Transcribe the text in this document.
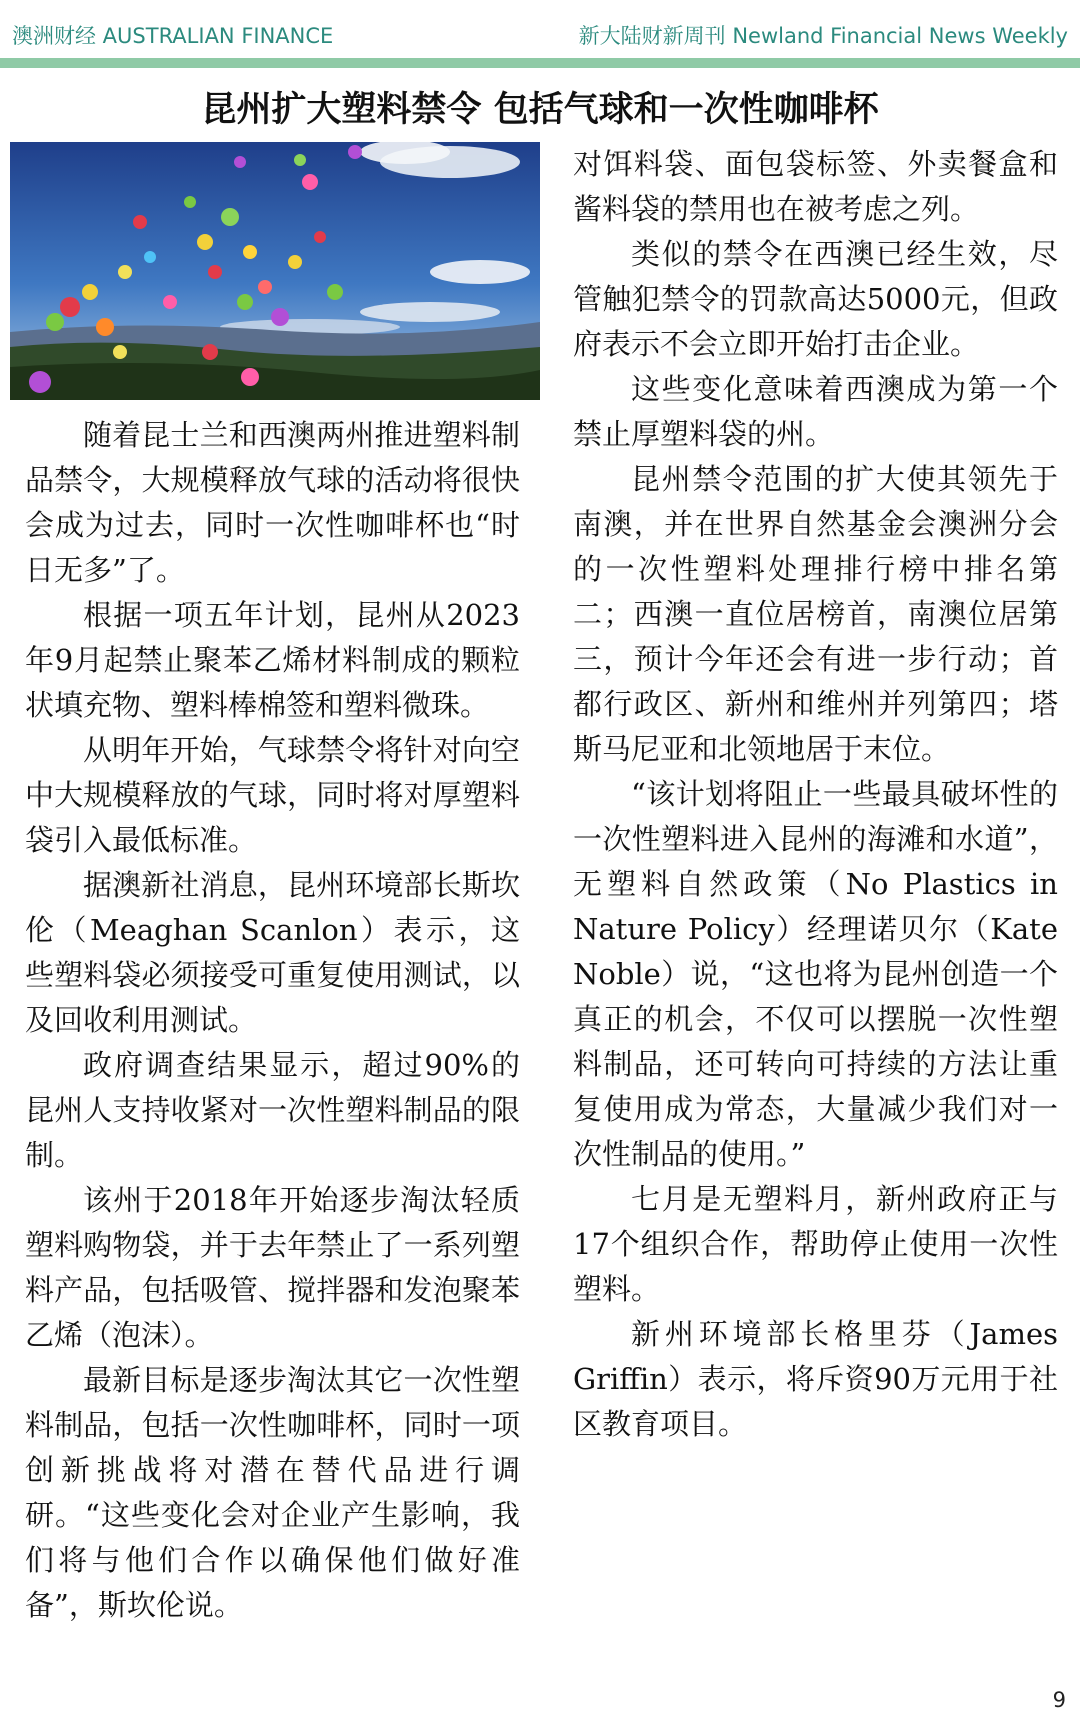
澳洲财经 AUSTRALIAN FINANCE	新大陆财新周刊 Newland Financial News Weekly
昆州扩大塑料禁令 包括气球和一次性咖啡杯

随着昆士兰和西澳两州推进塑料制品禁令，大规模释放气球的活动将很快会成为过去，同时一次性咖啡杯也“时日无多”了。

根据一项五年计划，昆州从2023年9月起禁止聚苯乙烯材料制成的颗粒状填充物、塑料棒棉签和塑料微珠。

从明年开始，气球禁令将针对向空中大规模释放的气球，同时将对厚塑料袋引入最低标准。

据澳新社消息，昆州环境部长斯坎伦（Meaghan Scanlon）表示，这些塑料袋必须接受可重复使用测试，以及回收利用测试。

政府调查结果显示，超过90%的昆州人支持收紧对一次性塑料制品的限制。

该州于2018年开始逐步淘汰轻质塑料购物袋，并于去年禁止了一系列塑料产品，包括吸管、搅拌器和发泡聚苯乙烯（泡沫）。

最新目标是逐步淘汰其它一次性塑料制品，包括一次性咖啡杯，同时一项创新挑战将对潜在替代品进行调研。“这些变化会对企业产生影响，我们将与他们合作以确保他们做好准备”，斯坎伦说。

对饵料袋、面包袋标签、外卖餐盒和酱料袋的禁用也在被考虑之列。

类似的禁令在西澳已经生效，尽管触犯禁令的罚款高达5000元，但政府表示不会立即开始打击企业。

这些变化意味着西澳成为第一个禁止厚塑料袋的州。

昆州禁令范围的扩大使其领先于南澳，并在世界自然基金会澳洲分会的一次性塑料处理排行榜中排名第二；西澳一直位居榜首，南澳位居第三，预计今年还会有进一步行动；首都行政区、新州和维州并列第四；塔斯马尼亚和北领地居于末位。

“该计划将阻止一些最具破坏性的一次性塑料进入昆州的海滩和水道”，无塑料自然政策（No Plastics in Nature Policy）经理诺贝尔（Kate Noble）说，“这也将为昆州创造一个真正的机会，不仅可以摆脱一次性塑料制品，还可转向可持续的方法让重复使用成为常态，大量减少我们对一次性制品的使用。”

七月是无塑料月，新州政府正与17个组织合作，帮助停止使用一次性塑料。

新州环境部长格里芬（James Griffin）表示，将斥资90万元用于社区教育项目。

9
